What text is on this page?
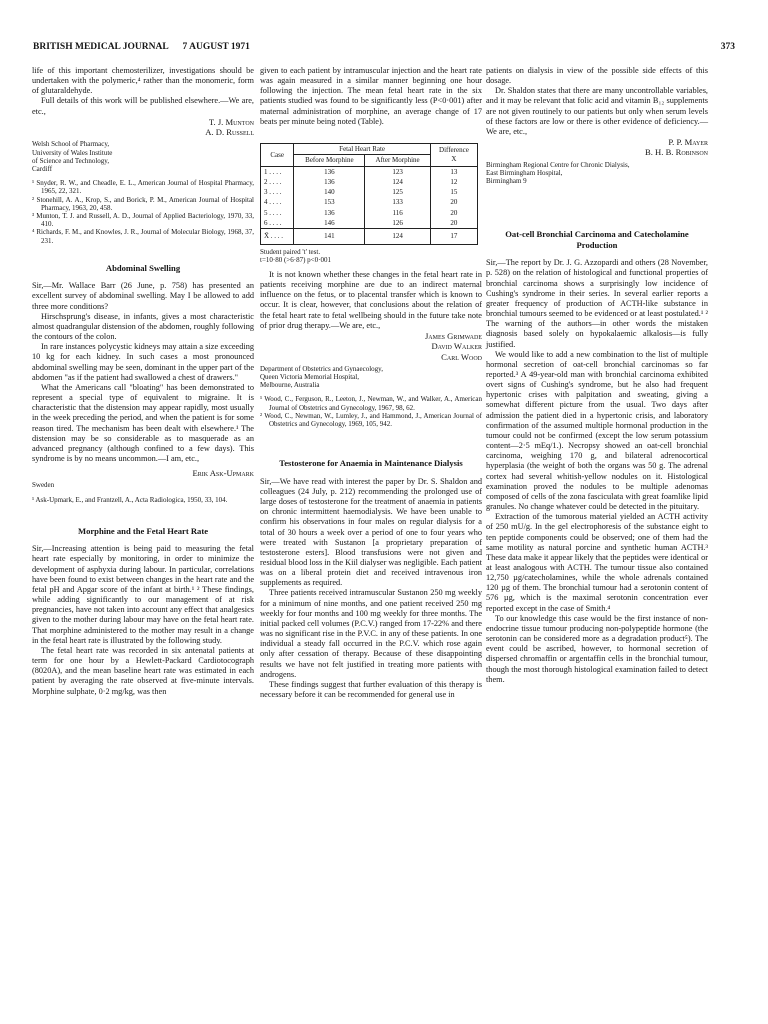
BRITISH MEDICAL JOURNAL 7 AUGUST 1971	373

life of this important chemosterilizer, investigations should be undertaken with the polymeric,⁴ rather than the monomeric, form of glutaraldehyde.

Full details of this work will be published elsewhere.—We are, etc.,

T. J. Munton
A. D. Russell
Welsh School of Pharmacy,
University of Wales Institute
of Science and Technology,
Cardiff
¹ Snyder, R. W., and Cheadle, E. L., American Journal of Hospital Pharmacy, 1965, 22, 321.
² Stonehill, A. A., Krop, S., and Borick, P. M., American Journal of Hospital Pharmacy, 1963, 20, 458.
³ Munton, T. J. and Russell, A. D., Journal of Applied Bacteriology, 1970, 33, 410.
⁴ Richards, F. M., and Knowles, J. R., Journal of Molecular Biology, 1968, 37, 231.
Abdominal Swelling

Sir,—Mr. Wallace Barr (26 June, p. 758) has presented an excellent survey of abdominal swelling. May I be allowed to add three more conditions?

Hirschsprung's disease, in infants, gives a most characteristic almost quadrangular distension of the abdomen, roughly following the contours of the colon.

In rare instances polycystic kidneys may attain a size exceeding 10 kg for each kidney. In such cases a most pronounced abdominal swelling may be seen, dominant in the upper part of the abdomen "as if the patient had swallowed a chest of drawers."

What the Americans call "bloating" has been demonstrated to represent a special type of equivalent to migraine. It is characteristic that the distension may appear rapidly, most usually in the week preceding the period, and when the patient is for some reason tired. The mechanism has been dealt with elsewhere.¹ The distension may be so considerable as to masquerade as an advanced pregnancy (although confined to a few days). This syndrome is by no means uncommon.—I am, etc.,

Erik Ask-Upmark
Sweden
¹ Ask-Upmark, E., and Frantzell, A., Acta Radiologica, 1950, 33, 104.
Morphine and the Fetal Heart Rate

Sir,—Increasing attention is being paid to measuring the fetal heart rate especially by monitoring, in order to minimize the development of asphyxia during labour. In particular, correlations have been found to exist between changes in the heart rate and the fetal pH and Apgar score of the infant at birth.¹ ² These findings, while adding significantly to our management of at risk pregnancies, have not taken into account any effect that analgesics given to the mother during labour may have on the fetal heart rate. That morphine administered to the mother may result in a change in the fetal heart rate is illustrated by the following study.

The fetal heart rate was recorded in six antenatal patients at term for one hour by a Hewlett-Packard Cardiotocograph (8020A), and the mean baseline heart rate was estimated in each patient by averaging the rate observed at five-minute intervals. Morphine sulphate, 0·2 mg/kg, was then

given to each patient by intramuscular injection and the heart rate was again measured in a similar manner beginning one hour following the injection. The mean fetal heart rate in the six patients studied was found to be significantly less (P<0·001) after maternal administration of morphine, an average change of 17 beats per minute being noted (Table).

Case	Fetal Heart Rate		Difference
X
	Before Morphine	After Morphine	
1 . . . .	136	123	13
2 . . . .	136	124	12
3 . . . .	140	125	15
4 . . . .	153	133	20
5 . . . .	136	116	20
6 . . . .	146	126	20
X̄ . . . .	141	124	17
Student paired 't' test.
t=10·80 (>6·87) p<0·001

It is not known whether these changes in the fetal heart rate in patients receiving morphine are due to an indirect maternal influence on the fetus, or to placental transfer which is known to occur. It is clear, however, that conclusions about the relation of the fetal heart rate to fetal wellbeing should in the future take note of prior drug therapy.—We are, etc.,

James Grimwade
David Walker
Carl Wood
Department of Obstetrics and Gynaecology,
Queen Victoria Memorial Hospital,
Melbourne, Australia
¹ Wood, C., Ferguson, R., Leeton, J., Newman, W., and Walker, A., American Journal of Obstetrics and Gynecology, 1967, 98, 62.
² Wood, C., Newman, W., Lumley, J., and Hammond, J., American Journal of Obstetrics and Gynecology, 1969, 105, 942.
Testosterone for Anaemia in Maintenance Dialysis

Sir,—We have read with interest the paper by Dr. S. Shaldon and colleagues (24 July, p. 212) recommending the prolonged use of large doses of testosterone for the treatment of anaemia in patients on chronic intermittent haemodialysis. We have been unable to confirm his observations in four males on regular dialysis for a total of 30 hours a week over a period of one to four years who were treated with Sustanon [a proprietary preparation of testosterone esters]. Blood transfusions were not given and residual blood loss in the Kiil dialyser was negligible. Each patient was on a liberal protein diet and received intravenous iron supplements as required.

Three patients received intramuscular Sustanon 250 mg weekly for a minimum of nine months, and one patient received 250 mg weekly for four months and 100 mg weekly for three months. The initial packed cell volumes (P.C.V.) ranged from 17-22% and there was no significant rise in the P.V.C. in any of these patients. In one individual a steady fall occurred in the P.C.V. which rose again only after cessation of therapy. Because of these disappointing results we have not felt justified in treating more patients with androgens.

These findings suggest that further evaluation of this therapy is necessary before it can be recommended for general use in

patients on dialysis in view of the possible side effects of this dosage.

Dr. Shaldon states that there are many uncontrollable variables, and it may be relevant that folic acid and vitamin B₁₂ supplements are not given routinely to our patients but only when serum levels of these factors are low or there is other evidence of deficiency.—We are, etc.,

P. P. Mayer
B. H. B. Robinson
Birmingham Regional Centre for Chronic Dialysis,
East Birmingham Hospital,
Birmingham 9
Oat-cell Bronchial Carcinoma and Catecholamine Production

Sir,—The report by Dr. J. G. Azzopardi and others (28 November, p. 528) on the relation of histological and functional properties of bronchial carcinoma shows a surprisingly low incidence of Cushing's syndrome in their series. In several earlier reports a greater frequency of production of ACTH-like substance in bronchial tumours seemed to be evidenced or at least postulated.¹ ² The warning of the authors—in other words the mistaken diagnosis based solely on hypokalaemic alkalosis—is fully justified.

We would like to add a new combination to the list of multiple hormonal secretion of oat-cell bronchial carcinomas so far reported.³ A 49-year-old man with bronchial carcinoma exhibited overt signs of Cushing's syndrome, but he also had frequent hypertonic crises with palpitation and sweating, giving a somewhat different picture from the usual. Two days after admission the patient died in a hypertonic crisis, and laboratory confirmation of the assumed multiple hormonal production in the tumour could not be confirmed (except the low serum potassium content—2·5 mEq/1.). Necropsy showed an oat-cell bronchial carcinoma, weighing 170 g, and bilateral adrenocortical hyperplasia (the weight of both the organs was 50 g. The adrenal cortex had several whitish-yellow nodules on it. Histological examination proved the nodules to be multiple adenomas composed of cells of the zona fasciculata with great foamlike lipid granules. No change whatever could be detected in the pituitary.

Extraction of the tumorous material yielded an ACTH activity of 250 mU/g. In the gel electrophoresis of the substance eight to ten peptide components could be observed; one of them had the same motility as natural porcine and synthetic human ACTH.³ These data make it appear likely that the peptides were identical or at least analogous with ACTH. The tumour tissue also contained 12,750 µg/catecholamines, while the whole adrenals contained 120 µg of them. The bronchial tumour had a serotonin content of 576 µg, which is the maximal serotonin concentration ever reported except in the case of Smith.⁴

To our knowledge this case would be the first instance of non-endocrine tissue tumour producing non-polypeptide hormone (the serotonin can be considered more as a degradation product⁵). The event could be ascribed, however, to hormonal secretion of dispersed chromaffin or argentaffin cells in the bronchial tumour, though the most thorough histological examination failed to detect them.
